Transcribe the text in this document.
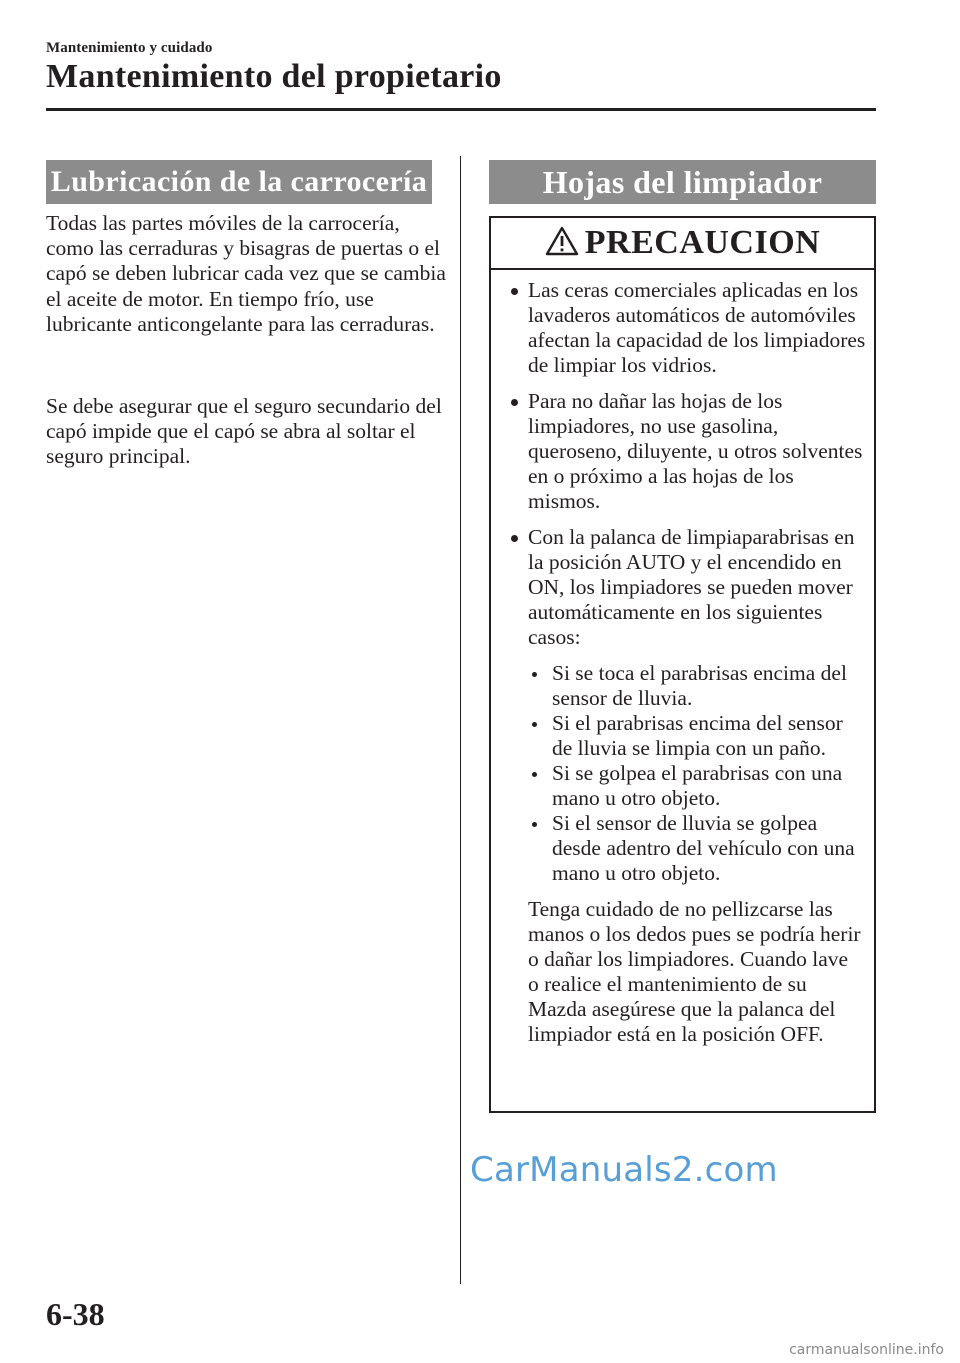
Mantenimiento y cuidado
Mantenimiento del propietario
Lubricación de la carrocería

Todas las partes móviles de la carrocería, como las cerraduras y bisagras de puertas o el capó se deben lubricar cada vez que se cambia el aceite de motor. En tiempo frío, use lubricante anticongelante para las cerraduras.

Se debe asegurar que el seguro secundario del capó impide que el capó se abra al soltar el seguro principal.

Hojas del limpiador
PRECAUCION
Las ceras comerciales aplicadas en los lavaderos automáticos de automóviles afectan la capacidad de los limpiadores de limpiar los vidrios.
Para no dañar las hojas de los limpiadores, no use gasolina, queroseno, diluyente, u otros solventes en o próximo a las hojas de los mismos.
Con la palanca de limpiaparabrisas en la posición AUTO y el encendido en ON, los limpiadores se pueden mover automáticamente en los siguientes casos:
Si se toca el parabrisas encima del sensor de lluvia.
Si el parabrisas encima del sensor de lluvia se limpia con un paño.
Si se golpea el parabrisas con una mano u otro objeto.
Si el sensor de lluvia se golpea desde adentro del vehículo con una mano u otro objeto.

Tenga cuidado de no pellizcarse las manos o los dedos pues se podría herir o dañar los limpiadores. Cuando lave o realice el mantenimiento de su Mazda asegúrese que la palanca del limpiador está en la posición OFF.

CarManuals2.com
6-38
carmanualsonline.info
